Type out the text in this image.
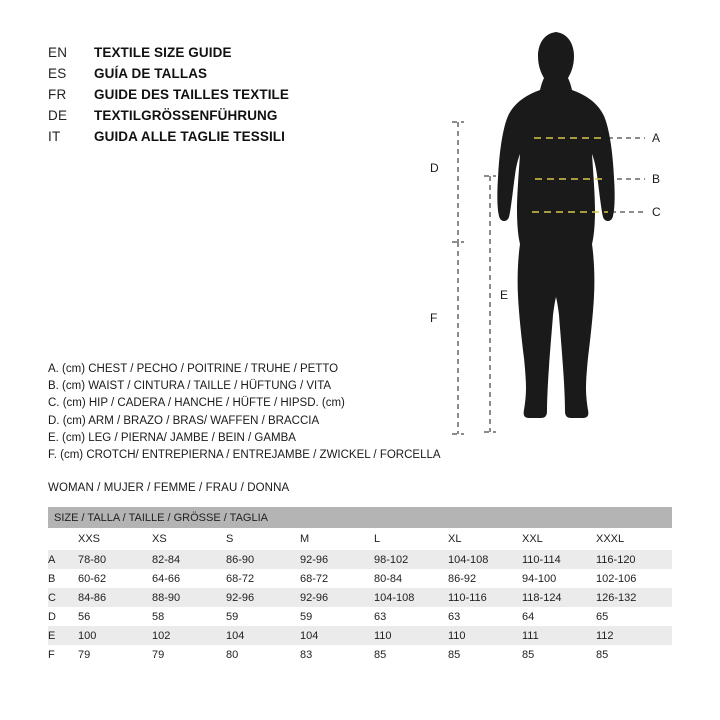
EN	TEXTILE SIZE GUIDE
ES	GUÍA DE TALLAS
FR	GUIDE DES TAILLES TEXTILE
DE	TEXTILGRÖSSENFÜHRUNG
IT	GUIDA ALLE TAGLIE TESSILI
A. (cm) CHEST / PECHO / POITRINE / TRUHE / PETTO
B. (cm) WAIST / CINTURA / TAILLE / HÜFTUNG / VITA
C. (cm) HIP / CADERA / HANCHE / HÜFTE / HIPSD. (cm)
D. (cm) ARM / BRAZO / BRAS/ WAFFEN / BRACCIA
E. (cm) LEG / PIERNA/ JAMBE / BEIN / GAMBA
F. (cm) CROTCH/ ENTREPIERNA / ENTREJAMBE / ZWICKEL / FORCELLA
WOMAN / MUJER / FEMME / FRAU / DONNA
A
B
C
D
E
F
SIZE / TALLA / TAILLE / GRÖSSE / TAGLIA								
	XXS	XS	S	M	L	XL	XXL	XXXL
A	78-80	82-84	86-90	92-96	98-102	104-108	110-114	116-120
B	60-62	64-66	68-72	68-72	80-84	86-92	94-100	102-106
C	84-86	88-90	92-96	92-96	104-108	110-116	118-124	126-132
D	56	58	59	59	63	63	64	65
E	100	102	104	104	110	110	111	112
F	79	79	80	83	85	85	85	85
